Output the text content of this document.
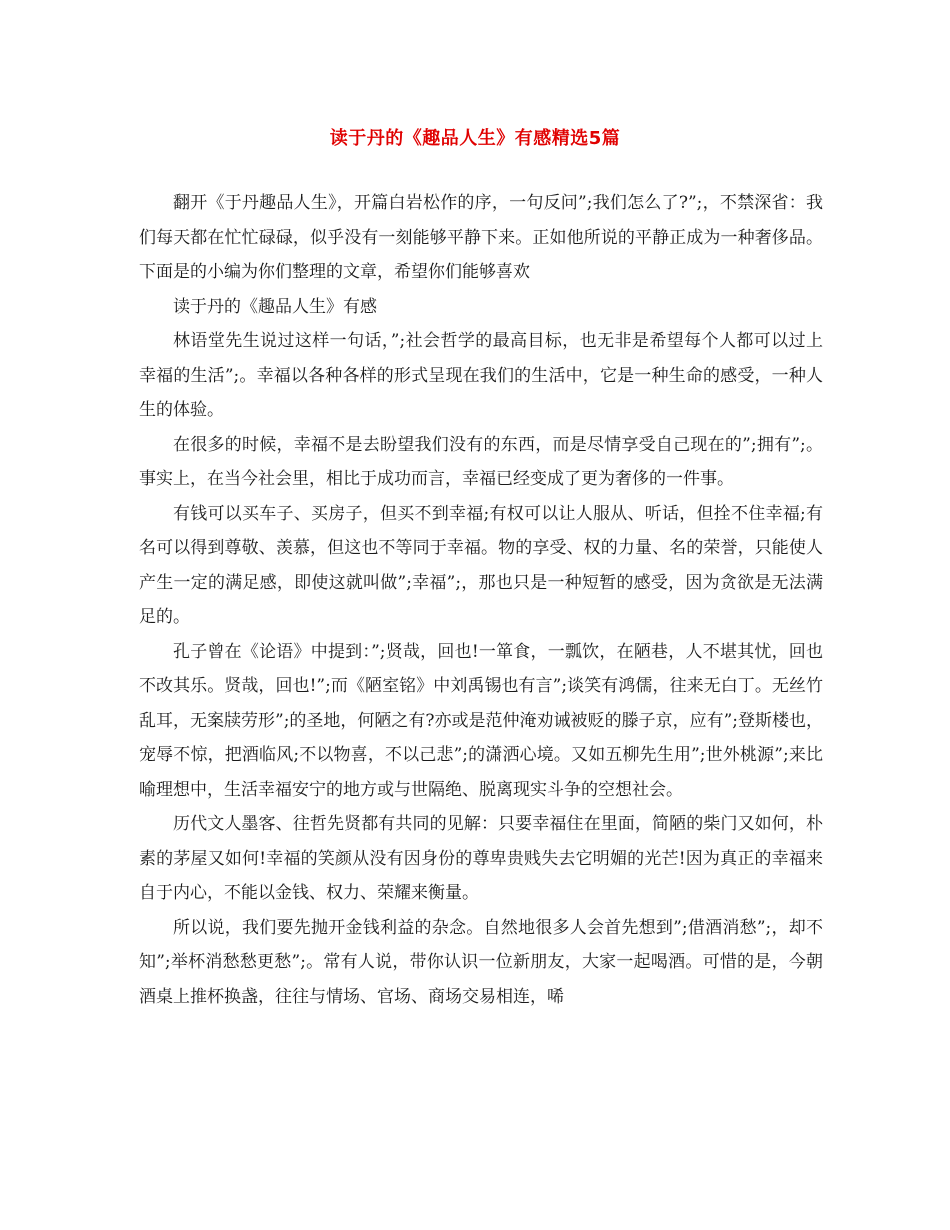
读于丹的《趣品人生》有感精选5篇

翻开《于丹趣品人生》，开篇白岩松作的序，一句反问”;我们怎么了?”;，不禁深省：我们每天都在忙忙碌碌，似乎没有一刻能够平静下来。正如他所说的平静正成为一种奢侈品。下面是的小编为你们整理的文章，希望你们能够喜欢

读于丹的《趣品人生》有感

林语堂先生说过这样一句话，”;社会哲学的最高目标，也无非是希望每个人都可以过上幸福的生活”;。幸福以各种各样的形式呈现在我们的生活中，它是一种生命的感受，一种人生的体验。

在很多的时候，幸福不是去盼望我们没有的东西，而是尽情享受自己现在的”;拥有”;。事实上，在当今社会里，相比于成功而言，幸福已经变成了更为奢侈的一件事。

有钱可以买车子、买房子，但买不到幸福;有权可以让人服从、听话，但拴不住幸福;有名可以得到尊敬、羡慕，但这也不等同于幸福。物的享受、权的力量、名的荣誉，只能使人产生一定的满足感，即使这就叫做”;幸福”;，那也只是一种短暂的感受，因为贪欲是无法满足的。

孔子曾在《论语》中提到：”;贤哉，回也!一箪食，一瓢饮，在陋巷，人不堪其忧，回也不改其乐。贤哉，回也!”;而《陋室铭》中刘禹锡也有言”;谈笑有鸿儒，往来无白丁。无丝竹乱耳，无案牍劳形”;的圣地，何陋之有?亦或是范仲淹劝诫被贬的滕子京，应有”;登斯楼也，宠辱不惊，把酒临风;不以物喜，不以己悲”;的潇洒心境。又如五柳先生用”;世外桃源”;来比喻理想中，生活幸福安宁的地方或与世隔绝、脱离现实斗争的空想社会。

历代文人墨客、往哲先贤都有共同的见解：只要幸福住在里面，简陋的柴门又如何，朴素的茅屋又如何!幸福的笑颜从没有因身份的尊卑贵贱失去它明媚的光芒!因为真正的幸福来自于内心，不能以金钱、权力、荣耀来衡量。

所以说，我们要先抛开金钱利益的杂念。自然地很多人会首先想到”;借酒消愁”;，却不知”;举杯消愁愁更愁”;。常有人说，带你认识一位新朋友，大家一起喝酒。可惜的是，今朝酒桌上推杯换盏，往往与情场、官场、商场交易相连，唏
